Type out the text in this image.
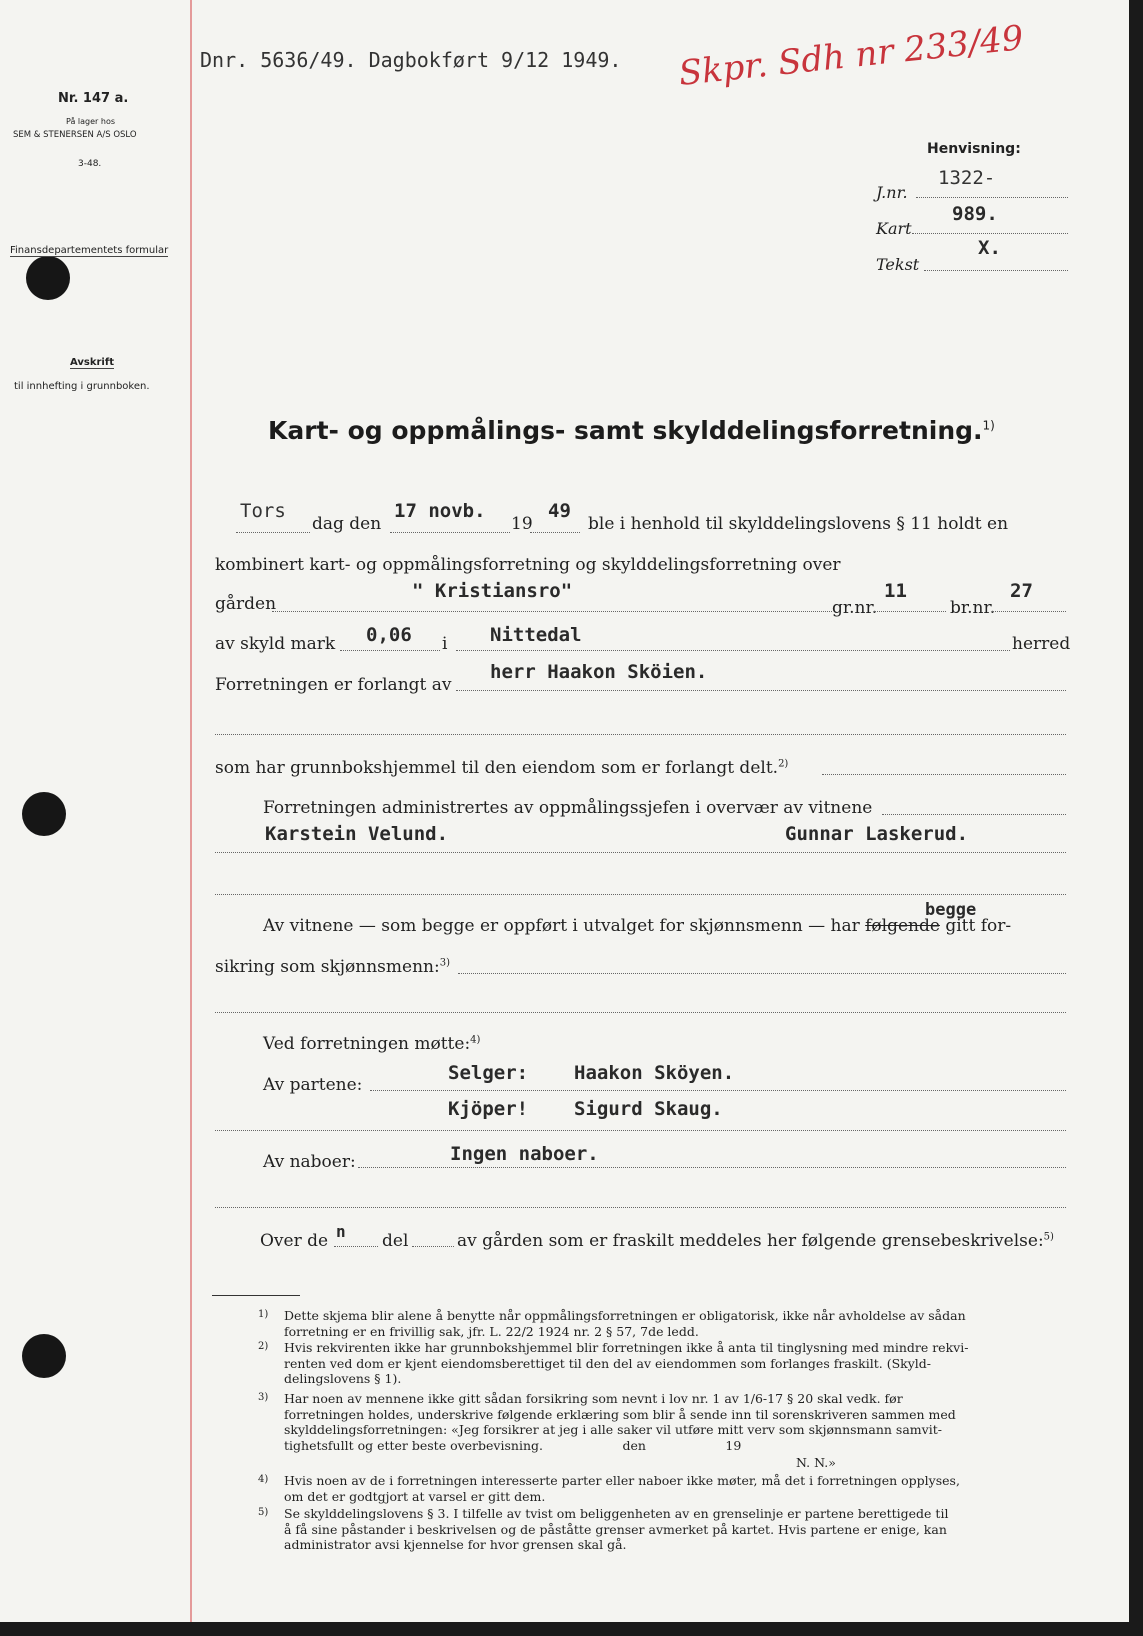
Nr. 147 a.
På lager hos
SEM & STENERSEN A/S OSLO
3-48.
Finansdepartementets formular
Avskrift
til innhefting i grunnboken.
Dnr. 5636/49. Dagbokført 9/12 1949. Skpr. Sdh nr 233/49
Henvisning:
J.nr.
1322-
Kart
989.
Tekst
X.
Kart- og oppmålings- samt skylddelingsforretning.$^{1)}$
Tors
dag den
17 novb.
19
49
ble i henhold til skylddelingslovens § 11 holdt en
kombinert kart- og oppmålingsforretning og skylddelingsforretning over
gården
" Kristiansro"
gr.nr.
11
br.nr.
27
av skyld mark 0,06 i Nittedal	herred
Forretningen er forlangt av
herr Haakon Sköien.
som har grunnbokshjemmel til den eiendom som er forlangt delt.$^{2)}$
Forretningen administrertes av oppmålingssjefen i overvær av vitnene
Karstein Velund.	Gunnar Laskerud.
Av vitnene — som begge er oppført i utvalget for skjønnsmenn — har følgende gitt for-
begge
sikring som skjønnsmenn:$^{3)}$
Ved forretningen møtte:$^{4)}$
Selger: Haakon Sköyen.
Av partene:
Kjöper! Sigurd Skaug.
Av naboer:	Ingen naboer.
Over de n del	av gården som er fraskilt meddeles her følgende grensebeskrivelse:$^{5)}$
1) Dette skjema blir alene å benytte når oppmålingsforretningen er obligatorisk, ikke når avholdelse av sådan
forretning er en frivillig sak, jfr. L. 22/2 1924 nr. 2 § 57, 7de ledd.
2) Hvis rekvirenten ikke har grunnbokshjemmel blir forretningen ikke å anta til tinglysning med mindre rekvi-
renten ved dom er kjent eiendomsberettiget til den del av eiendommen som forlanges fraskilt. (Skyld-
delingslovens § 1).
3) Har noen av mennene ikke gitt sådan forsikring som nevnt i lov nr. 1 av 1/6-17 § 20 skal vedk. før
forretningen holdes, underskrive følgende erklæring som blir å sende inn til sorenskriveren sammen med
skylddelingsforretningen: «Jeg forsikrer at jeg i alle saker vil utføre mitt verv som skjønnsmann samvit-
tighetsfullt og etter beste overbevisning.                    den                    19
N. N.»
4) Hvis noen av de i forretningen interesserte parter eller naboer ikke møter, må det i forretningen opplyses,
om det er godtgjort at varsel er gitt dem.
5) Se skylddelingslovens § 3. I tilfelle av tvist om beliggenheten av en grenselinje er partene berettigede til
å få sine påstander i beskrivelsen og de påståtte grenser avmerket på kartet. Hvis partene er enige, kan
administrator avsi kjennelse for hvor grensen skal gå.
